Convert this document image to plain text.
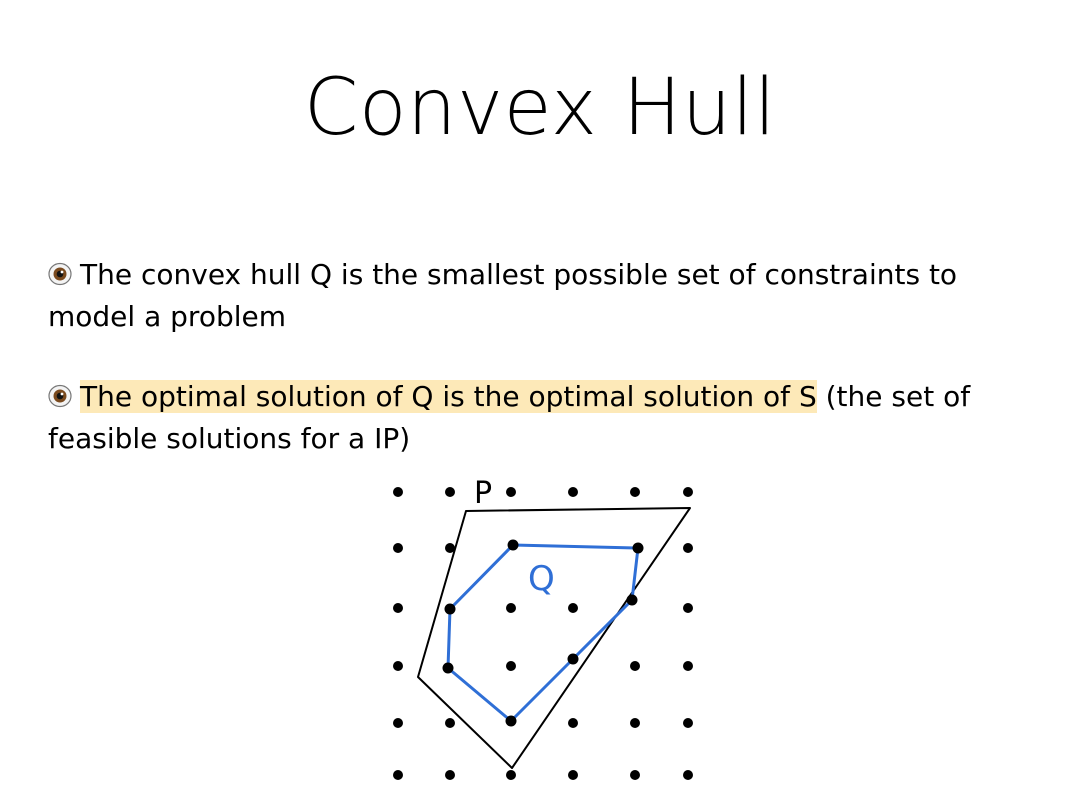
Convex Hull
The convex hull Q is the smallest possible set of constraints to model a problem
The optimal solution of Q is the optimal solution of S (the set of feasible solutions for a IP)
P
Q
